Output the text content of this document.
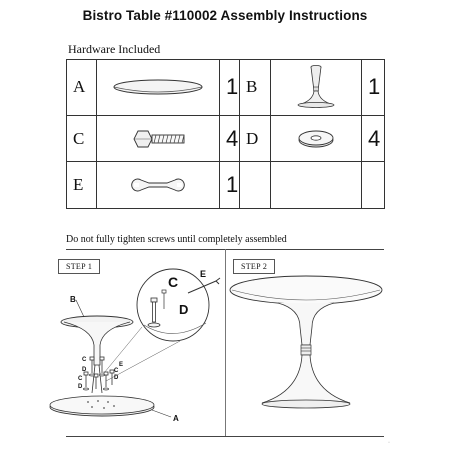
Bistro Table #110002 Assembly Instructions
Hardware Included
A		1	B		1
C		4	D		4
E		1			
Do not fully tighten screws until completely assembled
STEP 1	STEP 2
B
A
C
D
E
C
D
C
D
E
C
D
·
